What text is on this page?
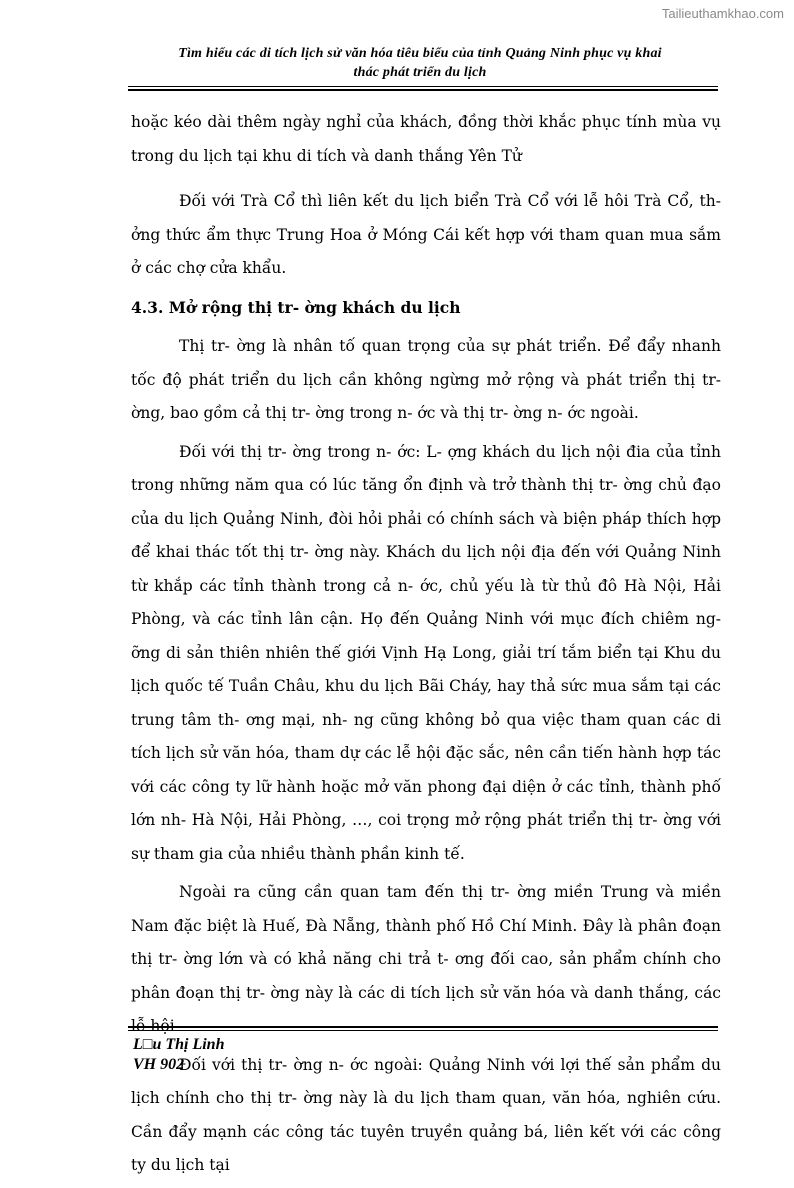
Tailieuthamkhao.com
Tìm hiểu các di tích lịch sử văn hóa tiêu biểu của tỉnh Quảng Ninh phục vụ khai
thác phát triển du lịch

hoặc kéo dài thêm ngày nghỉ của khách, đồng thời khắc phục tính mùa vụ trong du lịch tại khu di tích và danh thắng Yên Tử

Đối với Trà Cổ thì liên kết du lịch biển Trà Cổ với lễ hôi Trà Cổ, th- ởng thức ẩm thực Trung Hoa ở Móng Cái kết hợp với tham quan mua sắm ở các chợ cửa khẩu.

4.3. Mở rộng thị tr- ờng khách du lịch

Thị tr- ờng là nhân tố quan trọng của sự phát triển. Để đẩy nhanh tốc độ phát triển du lịch cần không ngừng mở rộng và phát triển thị tr- ờng, bao gồm cả thị tr- ờng trong n- ớc và thị tr- ờng n- ớc ngoài.

Đối với thị tr- ờng trong n- ớc: L- ợng khách du lịch nội đia của tỉnh trong những năm qua có lúc tăng ổn định và trở thành thị tr- ờng chủ đạo của du lịch Quảng Ninh, đòi hỏi phải có chính sách và biện pháp thích hợp để khai thác tốt thị tr- ờng này. Khách du lịch nội địa đến với Quảng Ninh từ khắp các tỉnh thành trong cả n- ớc, chủ yếu là từ thủ đô Hà Nội, Hải Phòng, và các tỉnh lân cận. Họ đến Quảng Ninh với mục đích chiêm ng- ỡng di sản thiên nhiên thế giới Vịnh Hạ Long, giải trí tắm biển tại Khu du lịch quốc tế Tuần Châu, khu du lịch Bãi Cháy, hay thả sức mua sắm tại các trung tâm th- ơng mại, nh- ng cũng không bỏ qua việc tham quan các di tích lịch sử văn hóa, tham dự các lễ hội đặc sắc, nên cần tiến hành hợp tác với các công ty lữ hành hoặc mở văn phong đại diện ở các tỉnh, thành phố lớn nh- Hà Nội, Hải Phòng, …, coi trọng mở rộng phát triển thị tr- ờng với sự tham gia của nhiều thành phần kinh tế.

Ngoài ra cũng cần quan tam đến thị tr- ờng miền Trung và miền Nam đặc biệt là Huế, Đà Nẵng, thành phố Hồ Chí Minh. Đây là phân đoạn thị tr- ờng lớn và có khả năng chi trả t- ơng đối cao, sản phẩm chính cho phân đoạn thị tr- ờng này là các di tích lịch sử văn hóa và danh thắng, các lễ hội

Đối với thị tr- ờng n- ớc ngoài: Quảng Ninh với lợi thế sản phẩm du lịch chính cho thị tr- ờng này là du lịch tham quan, văn hóa, nghiên cứu. Cần đẩy mạnh các công tác tuyên truyền quảng bá, liên kết với các công ty du lịch tại

L□u Thị Linh
VH 902
